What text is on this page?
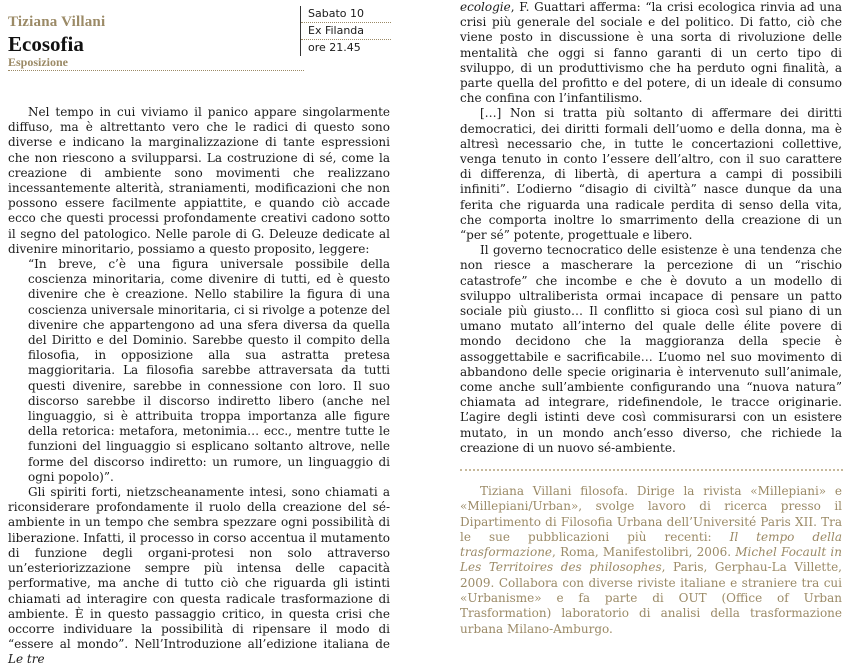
Tiziana Villani
Ecosofia
Esposizione
Sabato 10
Ex Filanda
ore 21.45

Nel tempo in cui viviamo il panico appare singolarmente diffuso, ma è altrettanto vero che le radici di questo sono diverse e indicano la marginalizzazione di tante espressioni che non riescono a svilupparsi. La costruzione di sé, come la creazione di ambiente sono movimenti che realizzano incessantemente alterità, straniamenti, modificazioni che non possono essere facilmente appiattite, e quando ciò accade ecco che questi processi profondamente creativi cadono sotto il segno del patologico. Nelle parole di G. Deleuze dedicate al divenire minoritario, possiamo a questo proposito, leggere:

“In breve, c’è una figura universale possibile della coscienza minoritaria, come divenire di tutti, ed è questo divenire che è creazione. Nello stabilire la figura di una coscienza universale minoritaria, ci si rivolge a potenze del divenire che appartengono ad una sfera diversa da quella del Diritto e del Dominio. Sarebbe questo il compito della filosofia, in opposizione alla sua astratta pretesa maggioritaria. La filosofia sarebbe attraversata da tutti questi divenire, sarebbe in connessione con loro. Il suo discorso sarebbe il discorso indiretto libero (anche nel linguaggio, si è attribuita troppa importanza alle figure della retorica: metafora, metonimia… ecc., mentre tutte le funzioni del linguaggio si esplicano soltanto altrove, nelle forme del discorso indiretto: un rumore, un linguaggio di ogni popolo)”.

Gli spiriti forti, nietzscheanamente intesi, sono chiamati a riconsiderare profondamente il ruolo della creazione del sé-ambiente in un tempo che sembra spezzare ogni possibilità di liberazione. Infatti, il processo in corso accentua il mutamento di funzione degli organi-protesi non solo attraverso un’esteriorizzazione sempre più intensa delle capacità performative, ma anche di tutto ciò che riguarda gli istinti chiamati ad interagire con questa radicale trasformazione di ambiente. È in questo passaggio critico, in questa crisi che occorre individuare la possibilità di ripensare il modo di “essere al mondo”. Nell’Introduzione all’edizione italiana de Le tre

ecologie, F. Guattari afferma: “la crisi ecologica rinvia ad una crisi più generale del sociale e del politico. Di fatto, ciò che viene posto in discussione è una sorta di rivoluzione delle mentalità che oggi si fanno garanti di un certo tipo di sviluppo, di un produttivismo che ha perduto ogni finalità, a parte quella del profitto e del potere, di un ideale di consumo che confina con l’infantilismo.

[…] Non si tratta più soltanto di affermare dei diritti democratici, dei diritti formali dell’uomo e della donna, ma è altresì necessario che, in tutte le concertazioni collettive, venga tenuto in conto l’essere dell’altro, con il suo carattere di differenza, di libertà, di apertura a campi di possibili infiniti”. L’odierno “disagio di civiltà” nasce dunque da una ferita che riguarda una radicale perdita di senso della vita, che comporta inoltre lo smarrimento della creazione di un “per sé” potente, progettuale e libero.

Il governo tecnocratico delle esistenze è una tendenza che non riesce a mascherare la percezione di un “rischio catastrofe” che incombe e che è dovuto a un modello di sviluppo ultraliberista ormai incapace di pensare un patto sociale più giusto… Il conflitto si gioca così sul piano di un umano mutato all’interno del quale delle élite povere di mondo decidono che la maggioranza della specie è assoggettabile e sacrificabile… L’uomo nel suo movimento di abbandono delle specie originaria è intervenuto sull’animale, come anche sull’ambiente configurando una “nuova natura” chiamata ad integrare, ridefinendole, le tracce originarie. L’agire degli istinti deve così commisurarsi con un esistere mutato, in un mondo anch’esso diverso, che richiede la creazione di un nuovo sé-ambiente.

Tiziana Villani filosofa. Dirige la rivista «Millepiani» e «Millepiani/Urban», svolge lavoro di ricerca presso il Dipartimento di Filosofia Urbana dell’Université Paris XII. Tra le sue pubblicazioni più recenti: Il tempo della trasformazione, Roma, Manifestolibri, 2006. Michel Focault in Les Territoires des philosophes, Paris, Gerphau-La Villette, 2009. Collabora con diverse riviste italiane e straniere tra cui «Urbanisme» e fa parte di OUT (Office of Urban Trasformation) laboratorio di analisi della trasformazione urbana Milano-Amburgo.
